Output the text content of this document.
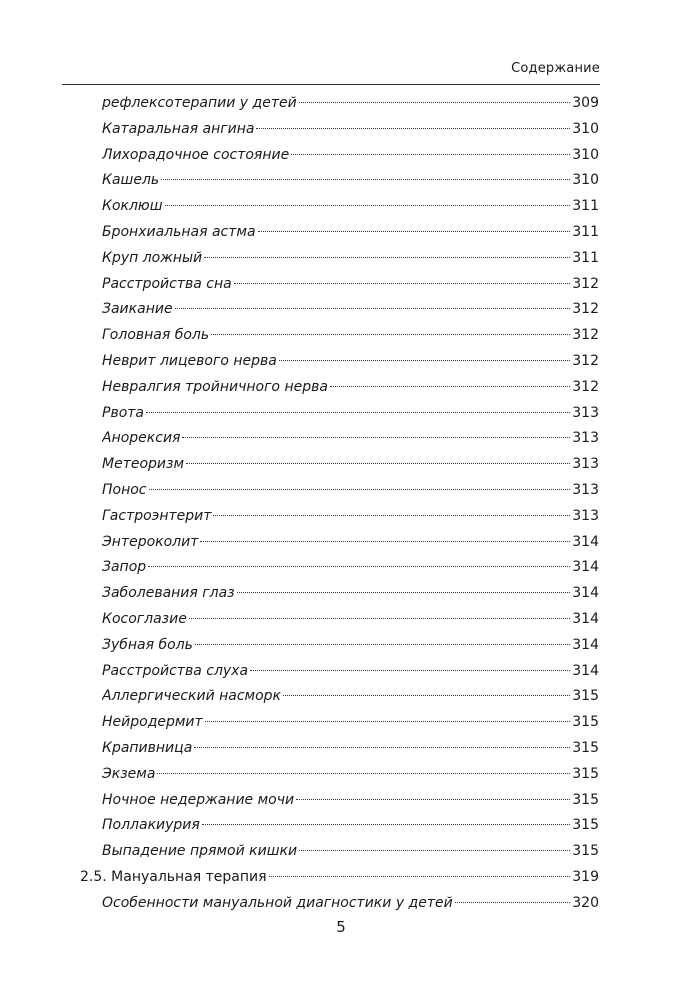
Содержание
рефлексотерапии у детей	309
Катаральная ангина	310
Лихорадочное состояние	310
Кашель	310
Коклюш	311
Бронхиальная астма	311
Круп ложный	311
Расстройства сна	312
Заикание	312
Головная боль	312
Неврит лицевого нерва	312
Невралгия тройничного нерва	312
Рвота	313
Анорексия	313
Метеоризм	313
Понос	313
Гастроэнтерит	313
Энтероколит	314
Запор	314
Заболевания глаз	314
Косоглазие	314
Зубная боль	314
Расстройства слуха	314
Аллергический насморк	315
Нейродермит	315
Крапивница	315
Экзема	315
Ночное недержание мочи	315
Поллакиурия	315
Выпадение прямой кишки	315
2.5. Мануальная терапия	319
Особенности мануальной диагностики у детей	320
5
